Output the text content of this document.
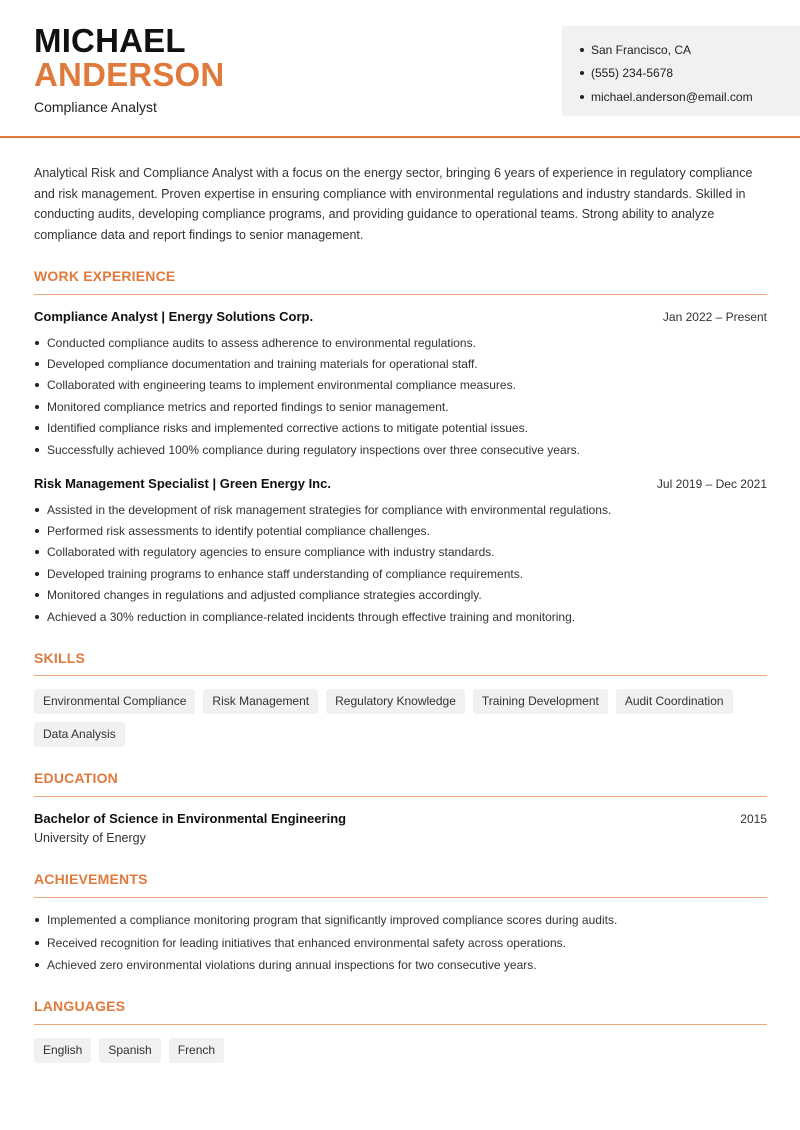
MICHAEL
ANDERSON
Compliance Analyst
San Francisco, CA
(555) 234-5678
michael.anderson@email.com

Analytical Risk and Compliance Analyst with a focus on the energy sector, bringing 6 years of experience in regulatory compliance and risk management. Proven expertise in ensuring compliance with environmental regulations and industry standards. Skilled in conducting audits, developing compliance programs, and providing guidance to operational teams. Strong ability to analyze compliance data and report findings to senior management.

WORK EXPERIENCE
Compliance Analyst | Energy Solutions Corp.	Jan 2022 – Present
Conducted compliance audits to assess adherence to environmental regulations.
Developed compliance documentation and training materials for operational staff.
Collaborated with engineering teams to implement environmental compliance measures.
Monitored compliance metrics and reported findings to senior management.
Identified compliance risks and implemented corrective actions to mitigate potential issues.
Successfully achieved 100% compliance during regulatory inspections over three consecutive years.
Risk Management Specialist | Green Energy Inc.	Jul 2019 – Dec 2021
Assisted in the development of risk management strategies for compliance with environmental regulations.
Performed risk assessments to identify potential compliance challenges.
Collaborated with regulatory agencies to ensure compliance with industry standards.
Developed training programs to enhance staff understanding of compliance requirements.
Monitored changes in regulations and adjusted compliance strategies accordingly.
Achieved a 30% reduction in compliance-related incidents through effective training and monitoring.
SKILLS
Environmental Compliance	Risk Management	Regulatory Knowledge	Training Development	Audit Coordination
Data Analysis
EDUCATION
Bachelor of Science in Environmental Engineering	2015
University of Energy
ACHIEVEMENTS
Implemented a compliance monitoring program that significantly improved compliance scores during audits.
Received recognition for leading initiatives that enhanced environmental safety across operations.
Achieved zero environmental violations during annual inspections for two consecutive years.
LANGUAGES
English	Spanish	French
